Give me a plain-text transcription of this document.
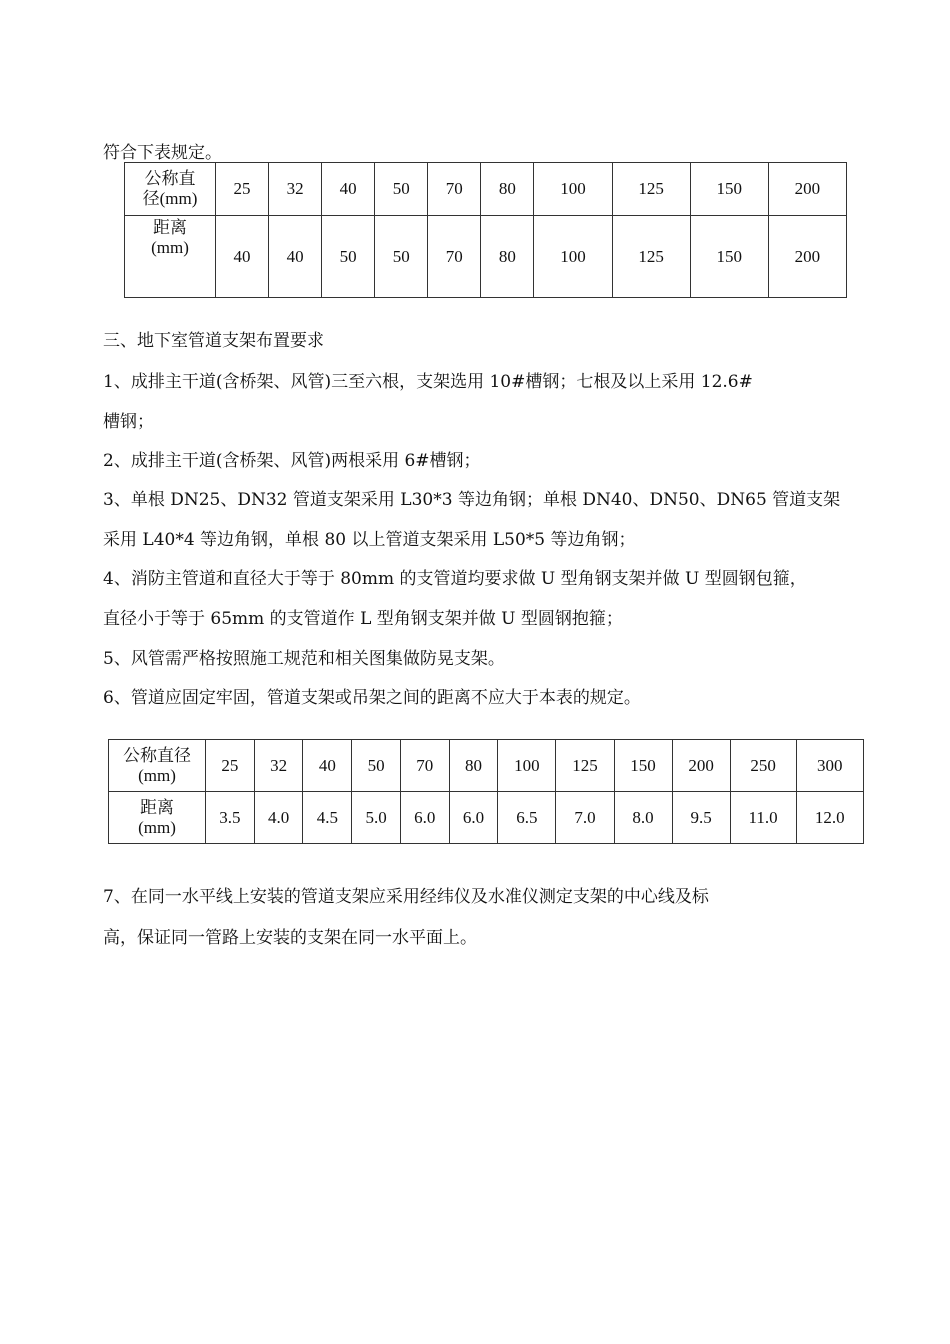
符合下表规定。
公称直
径(mm)	25	32	40	50	70	80	100	125	150	200
距离
(mm)	40	40	50	50	70	80	100	125	150	200
三、地下室管道支架布置要求
1、成排主干道(含桥架、风管)三至六根，支架选用 10#槽钢；七根及以上采用 12.6#
槽钢；
2、成排主干道(含桥架、风管)两根采用 6#槽钢；
3、单根 DN25、DN32 管道支架采用 L30*3 等边角钢；单根 DN40、DN50、DN65 管道支架
采用 L40*4 等边角钢，单根 80 以上管道支架采用 L50*5 等边角钢；
4、消防主管道和直径大于等于 80mm 的支管道均要求做 U 型角钢支架并做 U 型圆钢包箍，
直径小于等于 65mm 的支管道作 L 型角钢支架并做 U 型圆钢抱箍；
5、风管需严格按照施工规范和相关图集做防晃支架。
6、管道应固定牢固，管道支架或吊架之间的距离不应大于本表的规定。
公称直径
(mm)	25	32	40	50	70	80	100	125	150	200	250	300
距离
(mm)	3.5	4.0	4.5	5.0	6.0	6.0	6.5	7.0	8.0	9.5	11.0	12.0
7、在同一水平线上安装的管道支架应采用经纬仪及水准仪测定支架的中心线及标
高，保证同一管路上安装的支架在同一水平面上。
